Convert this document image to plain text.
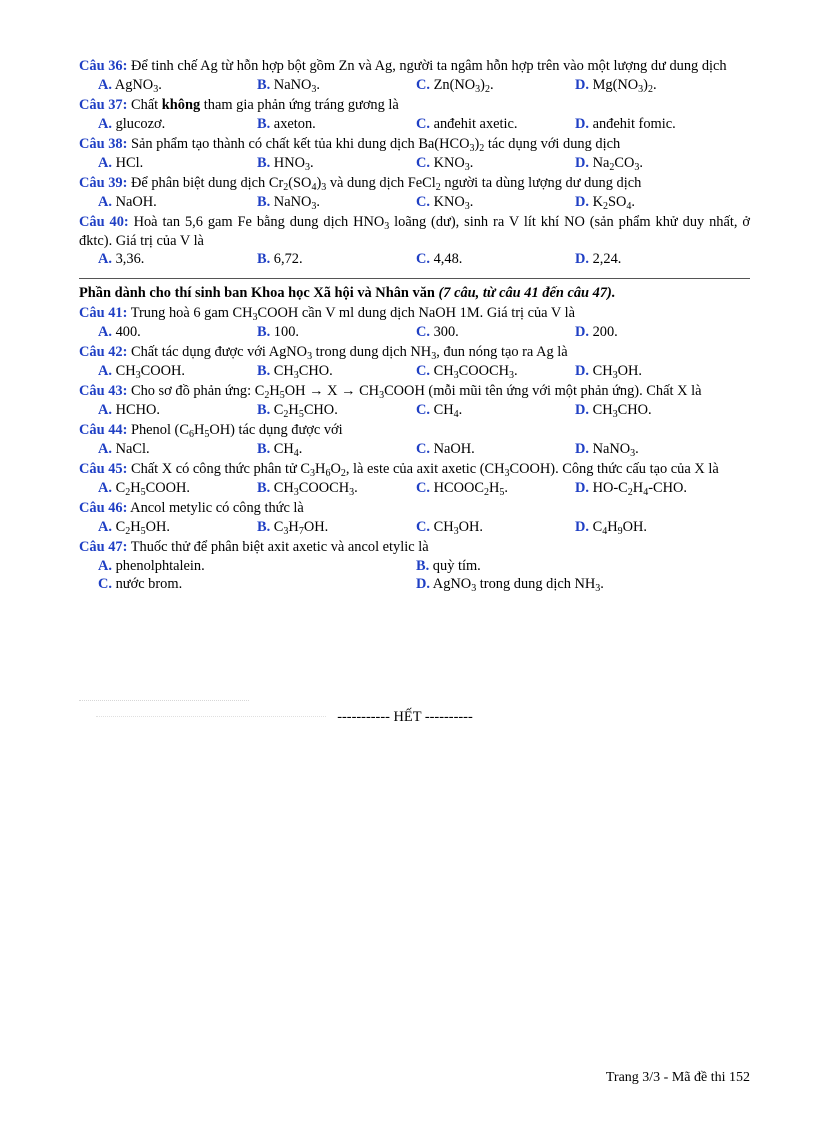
Câu 36: Để tinh chế Ag từ hỗn hợp bột gồm Zn và Ag, người ta ngâm hỗn hợp trên vào một lượng dư dung dịch
A. AgNO$_3$.	B. NaNO$_3$.	C. $Zn(NO_3)_2$.	D. $Mg(NO_3)_2$.
Câu 37: Chất không tham gia phản ứng tráng gương là
A. glucozơ.	B. axeton.	C. anđehit axetic.	D. anđehit fomic.
Câu 38: Sản phẩm tạo thành có chất kết tủa khi dung dịch $Ba(HCO_3)_2$ tác dụng với dung dịch
A. HCl.	B. $HNO_3$.	C. $KNO_3$.	D. $Na_2CO_3$.
Câu 39: Để phân biệt dung dịch $Cr_2(SO_4)_3$ và dung dịch FeCl$_2$ người ta dùng lượng dư dung dịch
A. NaOH.	B. NaNO$_3$.	C. $KNO_3$.	D. $K_2SO_4$.
Câu 40: Hoà tan 5,6 gam Fe bằng dung dịch $HNO_3$ loãng (dư), sinh ra V lít khí NO (sản phẩm khử duy nhất, ở đktc). Giá trị của V là
A. 3,36.	B. 6,72.	C. 4,48.	D. 2,24.
Phần dành cho thí sinh ban Khoa học Xã hội và Nhân văn (7 câu, từ câu 41 đến câu 47).
Câu 41: Trung hoà 6 gam $CH_3COOH$ cần V ml dung dịch NaOH 1M. Giá trị của V là
A. 400.	B. 100.	C. 300.	D. 200.
Câu 42: Chất tác dụng được với AgNO$_3$ trong dung dịch $NH_3$, đun nóng tạo ra Ag là
A. $CH_3COOH$.	B. $CH_3CHO$.	C. $CH_3COOCH_3$.	D. $CH_3OH$.
Câu 43: Cho sơ đồ phản ứng: $C_2H_5OH \to X$ → $CH_3COOH$ (mỗi mũi tên ứng với một phản ứng). Chất X là
A. HCHO.	B. $C_2H_5CHO$.	C. $CH_4$.	D. $CH_3CHO$.
Câu 44: Phenol $(C_6H_5OH)$ tác dụng được với
A. NaCl.	B. $CH_4$.	C. NaOH.	D. NaNO$_3$.
Câu 45: Chất X có công thức phân tử $C_3H_6O_2$, là este của axit axetic $(CH_3COOH)$. Công thức cấu tạo của X là
A. $C_2H_5COOH$.	B. $CH_3COOCH_3$.	C. $HCOOC_2H_5$.	D. $HO-C_2H_4$-CHO.
Câu 46: Ancol metylic có công thức là
A. $C_2H_5OH$.	B. $C_3H_7OH$.	C. $CH_3OH$.	D. $C_4H_9OH$.
Câu 47: Thuốc thử để phân biệt axit axetic và ancol etylic là
A. phenolphtalein.	B. quỳ tím.
C. nước brom.	D. AgNO$_3$ trong dung dịch $NH_3$.
----------- HẾT ----------
Trang 3/3 - Mã đề thi 152
